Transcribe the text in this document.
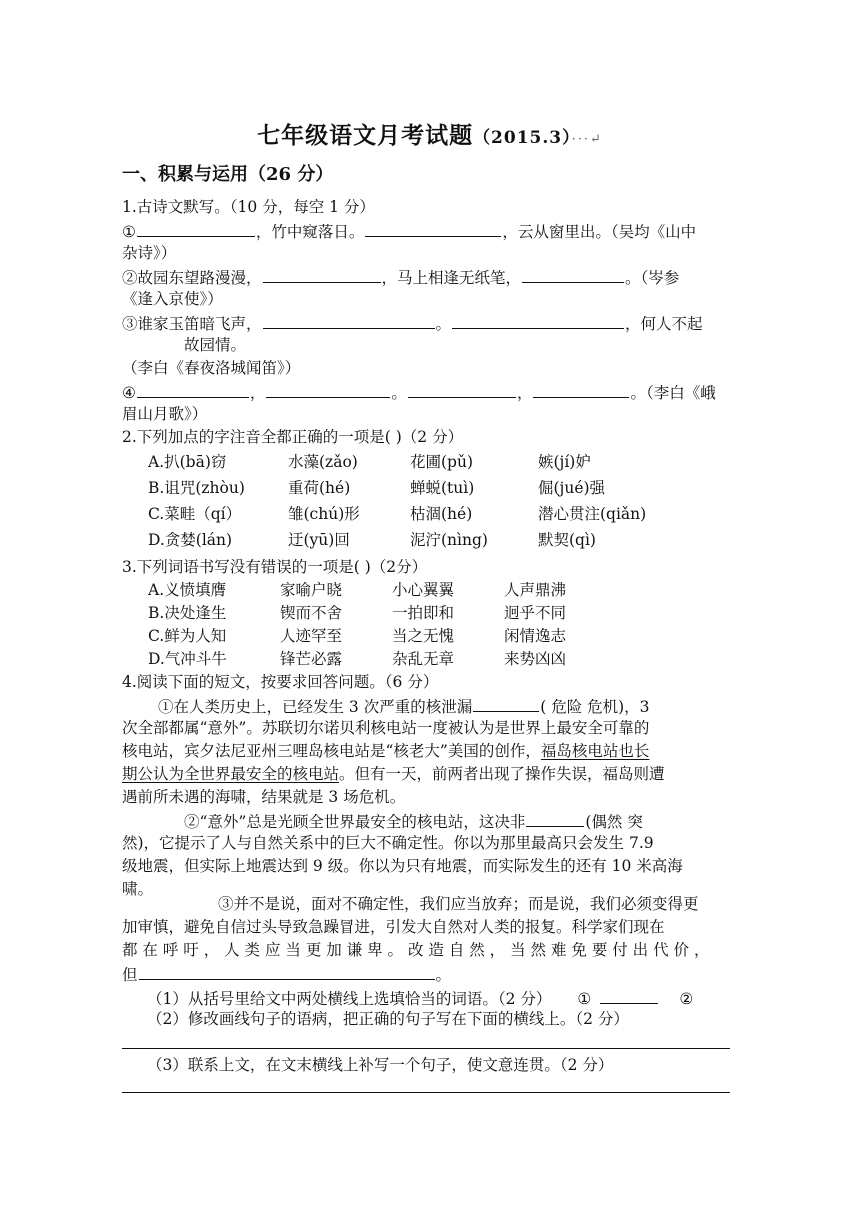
七年级语文月考试题（2015.3）···↵
一、积累与运用（26 分）
1.古诗文默写。（10 分，每空 1 分）
①	，竹中窥落日。	，云从窗里出。（吴均《山中
杂诗》）
②故园东望路漫漫，	，马上相逢无纸笔，	。（岑参
《逢入京使》）
③谁家玉笛暗飞声，	。	，何人不起
故园情。
（李白《春夜洛城闻笛》）
④	，	。	，	。（李白《峨
眉山月歌》）
2.下列加点的字注音全都正确的一项是( )（2 分）
A.扒(bā)窃	水藻(zǎo)	花圃(pǔ)	嫉(jí)妒
B.诅咒(zhòu)	重荷(hé)	蝉蜕(tuì)	倔(jué)强
C.菜畦（qí）	雏(chú)形	枯涸(hé)	潜心贯注(qiǎn)
D.贪婪(lán)	迂(yū)回	泥泞(nìng)	默契(qì)
3.下列词语书写没有错误的一项是( )（2分）
A.义愤填膺	家喻户晓	小心翼翼	人声鼎沸
B.决处逢生	锲而不舍	一拍即和	迥乎不同
C.鲜为人知	人迹罕至	当之无愧	闲情逸志
D.气冲斗牛	锋芒必露	杂乱无章	来势凶凶
4.阅读下面的短文，按要求回答问题。（6 分）
①在人类历史上，已经发生 3 次严重的核泄漏	( 危险 危机)，3
次全部都属“意外”。苏联切尔诺贝利核电站一度被认为是世界上最安全可靠的
核电站，宾夕法尼亚州三哩岛核电站是“核老大”美国的创作，福岛核电站也长
期公认为全世界最安全的核电站。但有一天，前两者出现了操作失误，福岛则遭
遇前所未遇的海啸，结果就是 3 场危机。
②“意外”总是光顾全世界最安全的核电站，这决非	(偶然 突
然)，它提示了人与自然关系中的巨大不确定性。你以为那里最高只会发生 7.9
级地震，但实际上地震达到 9 级。你以为只有地震，而实际发生的还有 10 米高海
啸。
③并不是说，面对不确定性，我们应当放弃；而是说，我们必须变得更
加审慎，避免自信过头导致急躁冒进，引发大自然对人类的报复。科学家们现在
都 在 呼 吁 ， 人 类 应 当 更 加 谦 卑 。 改 造 自 然 ， 当 然 难 免 要 付 出 代 价 ，
但	。
（1）从括号里给文中两处横线上选填恰当的词语。（2 分） ①	②
（2）修改画线句子的语病，把正确的句子写在下面的横线上。（2 分）
（3）联系上文，在文末横线上补写一个句子，使文意连贯。（2 分）
